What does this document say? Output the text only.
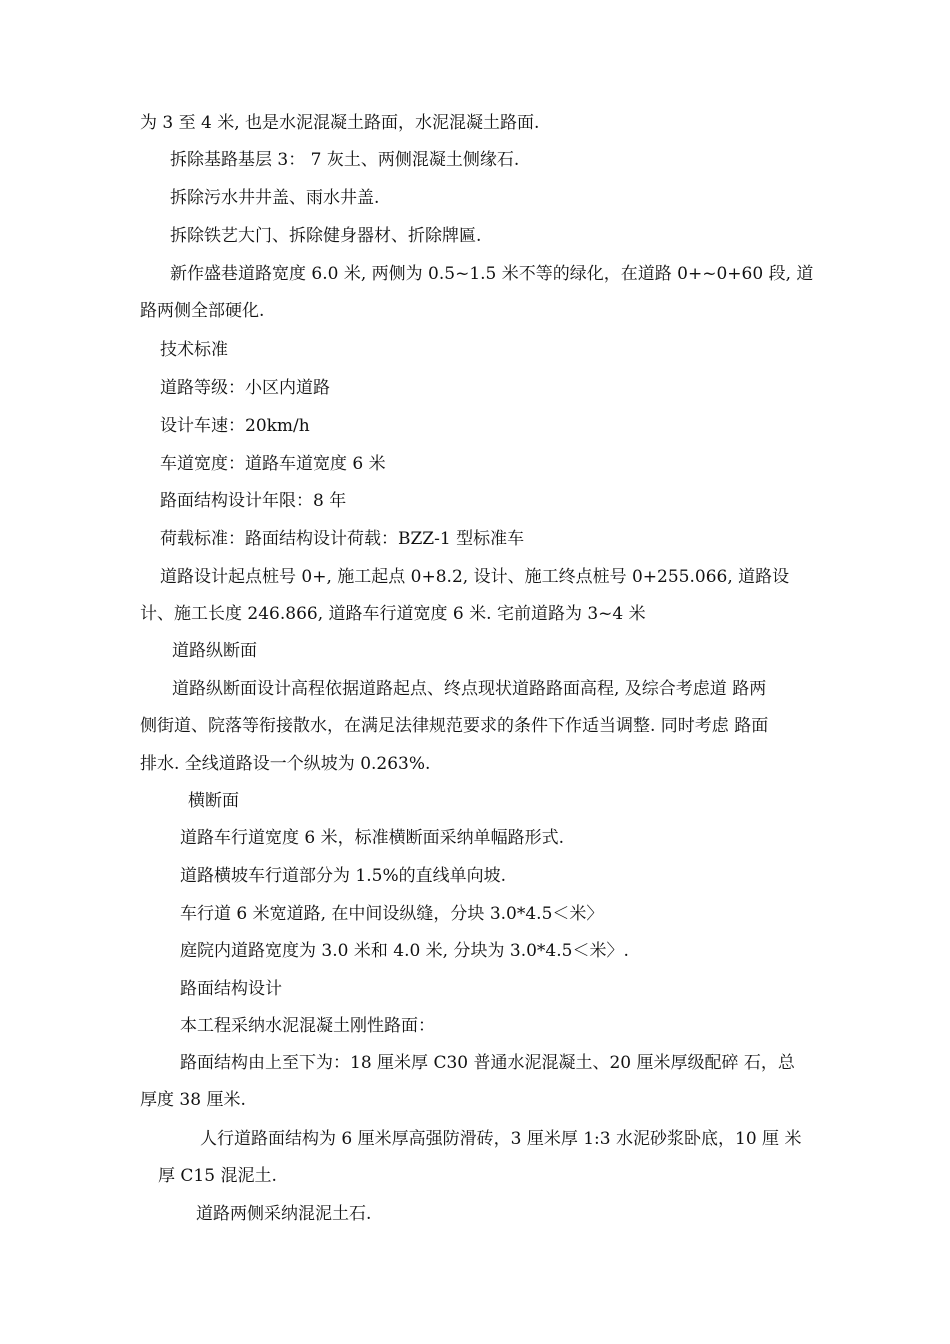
为 3 至 4 米, 也是水泥混凝土路面，水泥混凝土路面.
拆除基路基层 3： 7 灰土、两侧混凝土侧缘石.
拆除污水井井盖、雨水井盖.
拆除铁艺大门、拆除健身器材、折除牌匾.
新作盛巷道路宽度 6.0 米, 两侧为 0.5~1.5 米不等的绿化，在道路 0+~0+60 段, 道
路两侧全部硬化.
技术标准
道路等级：小区内道路
设计车速：20km/h
车道宽度：道路车道宽度 6 米
路面结构设计年限：8 年
荷载标准：路面结构设计荷载：BZZ-1 型标准车
道路设计起点桩号 0+, 施工起点 0+8.2, 设计、施工终点桩号 0+255.066, 道路设
计、施工长度 246.866, 道路车行道宽度 6 米. 宅前道路为 3~4 米
道路纵断面
道路纵断面设计高程依据道路起点、终点现状道路路面高程, 及综合考虑道 路两
侧街道、院落等衔接散水，在满足法律规范要求的条件下作适当调整. 同时考虑 路面
排水. 全线道路设一个纵坡为 0.263%.
横断面
道路车行道宽度 6 米，标准横断面采纳单幅路形式.
道路横坡车行道部分为 1.5%的直线单向坡.
车行道 6 米宽道路, 在中间设纵缝，分块 3.0*4.5＜米〉
庭院内道路宽度为 3.0 米和 4.0 米, 分块为 3.0*4.5＜米〉.
路面结构设计
本工程采纳水泥混凝土刚性路面：
路面结构由上至下为：18 厘米厚 C30 普通水泥混凝土、20 厘米厚级配碎 石，总
厚度 38 厘米.
人行道路面结构为 6 厘米厚高强防滑砖，3 厘米厚 1:3 水泥砂浆卧底，10 厘 米
厚 C15 混泥土.
道路两侧采纳混泥土石.
